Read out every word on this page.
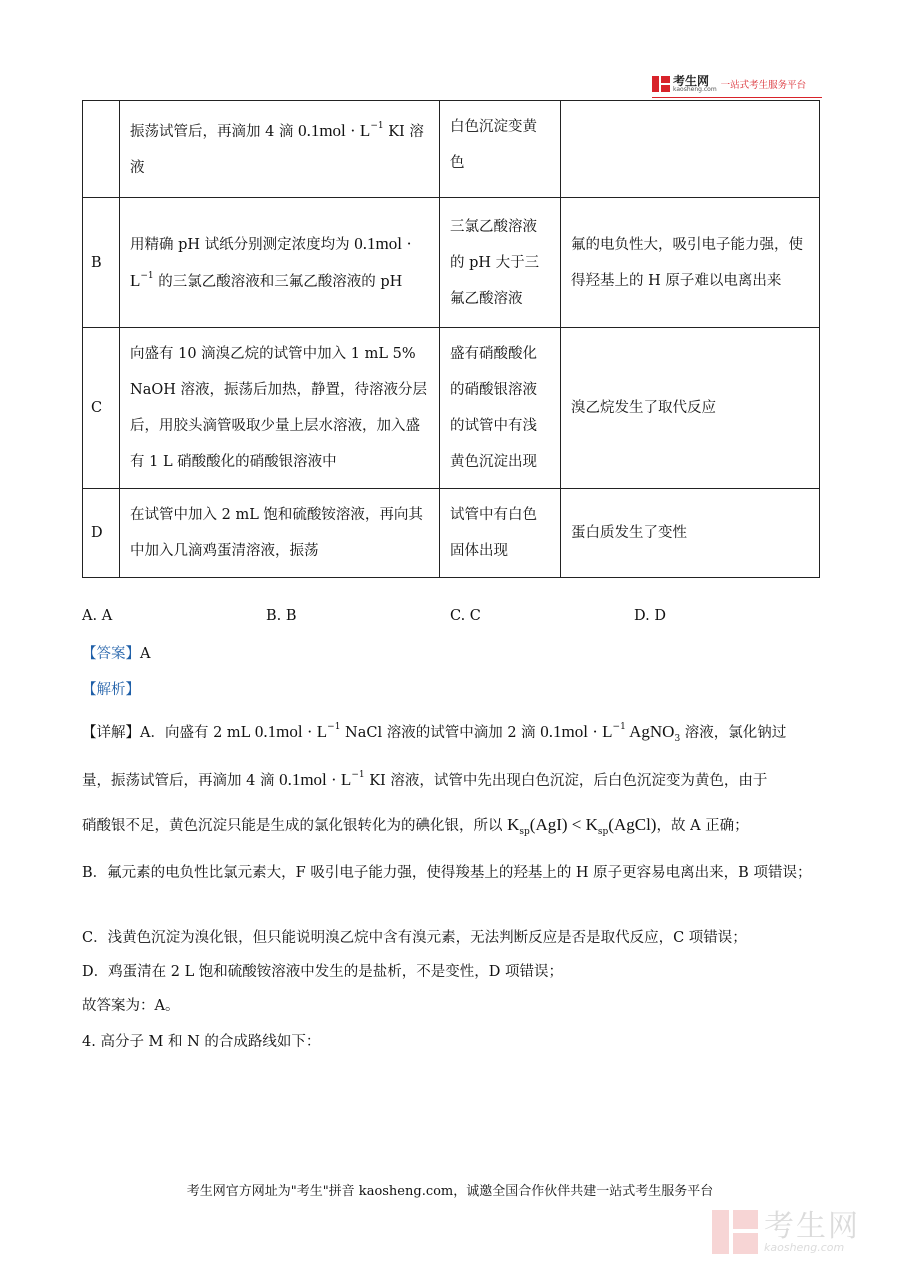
考生网
kaosheng.com 一站式考生服务平台
	振荡试管后，再滴加 4 滴 $0.1mol \cdot L^{-1}$ KI 溶液	白色沉淀变黄色	
B	用精确 pH 试纸分别测定浓度均为 $0.1mol \cdot L^{-1}$ 的三氯乙酸溶液和三氟乙酸溶液的 pH	三氯乙酸溶液的 pH 大于三氟乙酸溶液	氟的电负性大，吸引电子能力强，使得羟基上的 H 原子难以电离出来
C	向盛有 10 滴溴乙烷的试管中加入 1 mL 5% NaOH 溶液，振荡后加热，静置，待溶液分层后，用胶头滴管吸取少量上层水溶液，加入盛有 1 L 硝酸酸化的硝酸银溶液中	盛有硝酸酸化的硝酸银溶液的试管中有浅黄色沉淀出现	溴乙烷发生了取代反应
D	在试管中加入 2 mL 饱和硫酸铵溶液，再向其中加入几滴鸡蛋清溶液，振荡	试管中有白色固体出现	蛋白质发生了变性
A. A	B. B	C. C	D. D
【答案】A
【解析】
【详解】A．向盛有 2 mL $0.1mol \cdot L^{-1}$ NaCl 溶液的试管中滴加 2 滴 $0.1mol \cdot L^{-1}$ AgNO$_3$ 溶液，氯化钠过
量，振荡试管后，再滴加 4 滴 $0.1mol \cdot L^{-1}$ KI 溶液，试管中先出现白色沉淀，后白色沉淀变为黄色，由于
硝酸银不足，黄色沉淀只能是生成的氯化银转化为的碘化银，所以 $K_{sp}(AgI)$ < $K_{sp}(AgCl)$，故 A 正确；
B．氟元素的电负性比氯元素大，F 吸引电子能力强，使得羧基上的羟基上的 H 原子更容易电离出来，B 项错误；
C．浅黄色沉淀为溴化银，但只能说明溴乙烷中含有溴元素，无法判断反应是否是取代反应，C 项错误；
D．鸡蛋清在 2 L 饱和硫酸铵溶液中发生的是盐析，不是变性，D 项错误；
故答案为：A。
4. 高分子 M 和 N 的合成路线如下：
考生网官方网址为"考生"拼音 kaosheng.com，诚邀全国合作伙伴共建一站式考生服务平台
考生网
kaosheng.com
